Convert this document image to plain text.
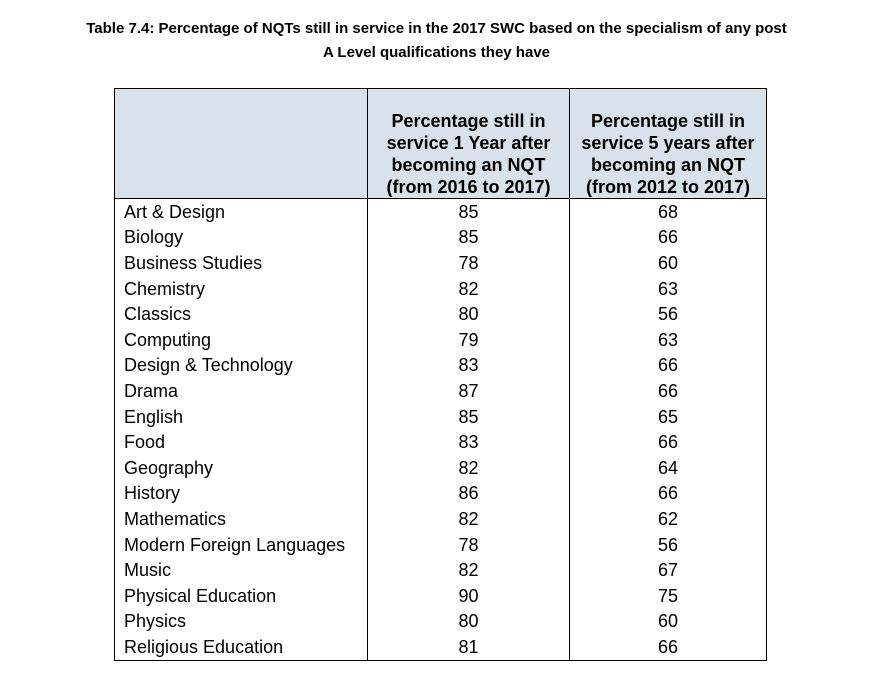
Table 7.4: Percentage of NQTs still in service in the 2017 SWC based on the specialism of any post
A Level qualifications they have
	Percentage still in service 1 Year after becoming an NQT (from 2016 to 2017)	Percentage still in service 5 years after becoming an NQT (from 2012 to 2017)
Art & Design	85	68
Biology	85	66
Business Studies	78	60
Chemistry	82	63
Classics	80	56
Computing	79	63
Design & Technology	83	66
Drama	87	66
English	85	65
Food	83	66
Geography	82	64
History	86	66
Mathematics	82	62
Modern Foreign Languages	78	56
Music	82	67
Physical Education	90	75
Physics	80	60
Religious Education	81	66
